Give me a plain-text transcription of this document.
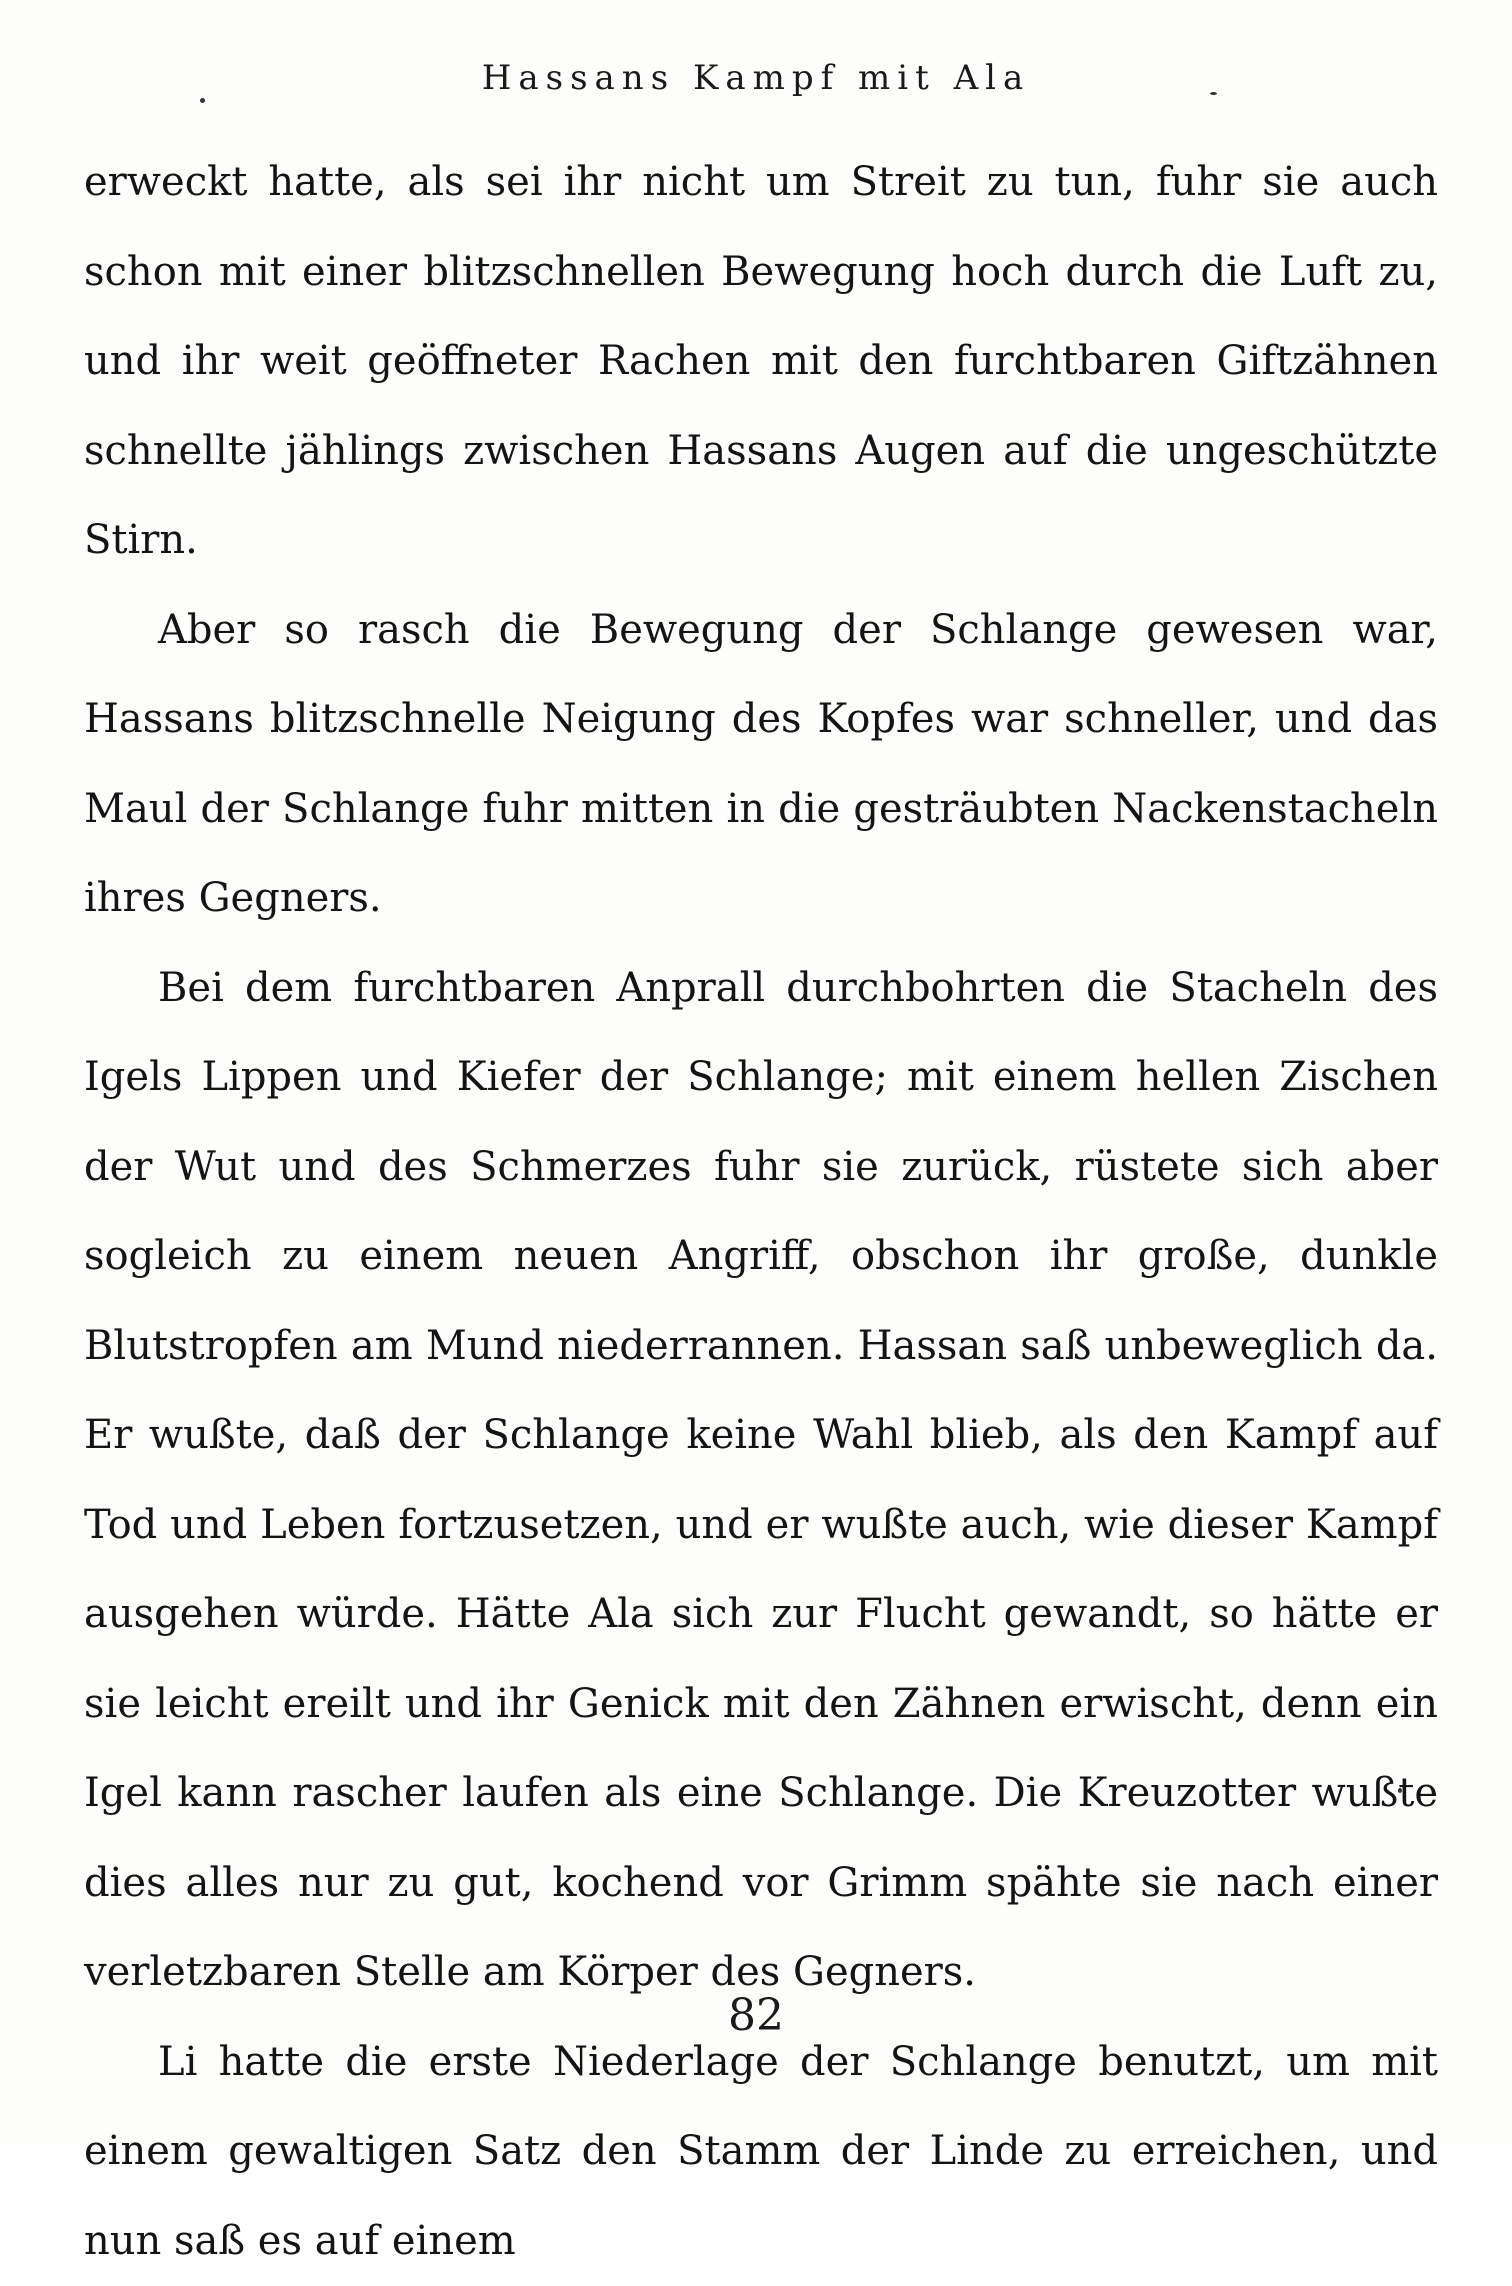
Hassans Kampf mit Ala

erweckt hatte, als sei ihr nicht um Streit zu tun, fuhr sie auch schon mit einer blitzschnellen Bewegung hoch durch die Luft zu, und ihr weit geöffneter Rachen mit den furchtbaren Giftzähnen schnellte jählings zwischen Hassans Augen auf die ungeschützte Stirn.

Aber so rasch die Bewegung der Schlange gewesen war, Hassans blitzschnelle Neigung des Kopfes war schneller, und das Maul der Schlange fuhr mitten in die gesträubten Nackenstacheln ihres Gegners.

Bei dem furchtbaren Anprall durchbohrten die Stacheln des Igels Lippen und Kiefer der Schlange; mit einem hellen Zischen der Wut und des Schmerzes fuhr sie zurück, rüstete sich aber sogleich zu einem neuen Angriff, obschon ihr große, dunkle Blutstropfen am Mund niederrannen. Hassan saß unbeweglich da. Er wußte, daß der Schlange keine Wahl blieb, als den Kampf auf Tod und Leben fortzusetzen, und er wußte auch, wie dieser Kampf ausgehen würde. Hätte Ala sich zur Flucht gewandt, so hätte er sie leicht ereilt und ihr Genick mit den Zähnen erwischt, denn ein Igel kann rascher laufen als eine Schlange. Die Kreuzotter wußte dies alles nur zu gut, kochend vor Grimm spähte sie nach einer verletzbaren Stelle am Körper des Gegners.

Li hatte die erste Niederlage der Schlange benutzt, um mit einem gewaltigen Satz den Stamm der Linde zu erreichen, und nun saß es auf einem

82
